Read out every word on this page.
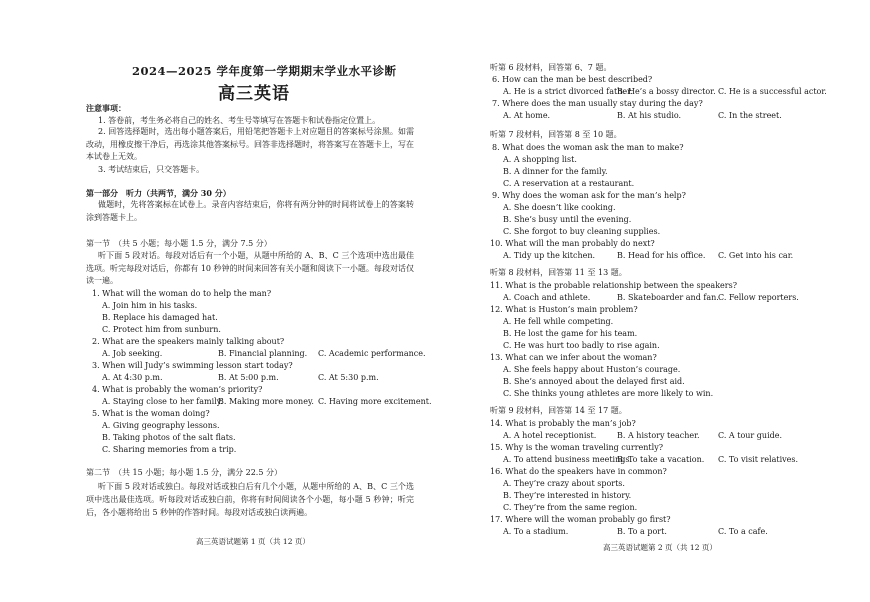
2024—2025 学年度第一学期期末学业水平诊断
高三英语
注意事项：
1. 答卷前，考生务必将自己的姓名、考生号等填写在答题卡和试卷指定位置上。
2. 回答选择题时，选出每小题答案后，用铅笔把答题卡上对应题目的答案标号涂黑。如需改动，用橡皮擦干净后，再选涂其他答案标号。回答非选择题时，将答案写在答题卡上，写在本试卷上无效。
3. 考试结束后，只交答题卡。
第一部分　听力（共两节，满分 30 分）
做题时，先将答案标在试卷上。录音内容结束后，你将有两分钟的时间将试卷上的答案转涂到答题卡上。
第一节　（共 5 小题；每小题 1.5 分，满分 7.5 分）
听下面 5 段对话。每段对话后有一个小题，从题中所给的 A、B、C 三个选项中选出最佳选项。听完每段对话后，你都有 10 秒钟的时间来回答有关小题和阅读下一小题。每段对话仅读一遍。
1. What will the woman do to help the man?
A. Join him in his tasks.
B. Replace his damaged hat.
C. Protect him from sunburn.
2. What are the speakers mainly talking about?
A. Job seeking.	B. Financial planning. C. Academic performance.
3. When will Judy’s swimming lesson start today?
A. At 4:30 p.m.	B. At 5:00 p.m.	C. At 5:30 p.m.
4. What is probably the woman’s priority?
A. Staying close to her family.
B. Making more money. C. Having more excitement.
5. What is the woman doing?
A. Giving geography lessons.
B. Taking photos of the salt flats.
C. Sharing memories from a trip.
第二节　（共 15 小题；每小题 1.5 分，满分 22.5 分）
听下面 5 段对话或独白。每段对话或独白后有几个小题，从题中所给的 A、B、C 三个选项中选出最佳选项。听每段对话或独白前，你将有时间阅读各个小题，每小题 5 秒钟；听完后，各小题将给出 5 秒钟的作答时间。每段对话或独白读两遍。
高三英语试题第 1 页（共 12 页）
听第 6 段材料，回答第 6、7 题。
6. How can the man be best described?
A. He is a strict divorced father.
B. He’s a bossy director. C. He is a successful actor.
7. Where does the man usually stay during the day?
A. At home.	B. At his studio.	C. In the street.
听第 7 段材料，回答第 8 至 10 题。
8. What does the woman ask the man to make?
A. A shopping list.
B. A dinner for the family.
C. A reservation at a restaurant.
9. Why does the woman ask for the man’s help?
A. She doesn’t like cooking.
B. She’s busy until the evening.
C. She forgot to buy cleaning supplies.
10. What will the man probably do next?
A. Tidy up the kitchen.	B. Head for his office. C. Get into his car.
听第 8 段材料，回答第 11 至 13 题。
11. What is the probable relationship between the speakers?
A. Coach and athlete.	B. Skateboarder and fan. C. Fellow reporters.
12. What is Huston’s main problem?
A. He fell while competing.
B. He lost the game for his team.
C. He was hurt too badly to rise again.
13. What can we infer about the woman?
A. She feels happy about Huston’s courage.
B. She’s annoyed about the delayed first aid.
C. She thinks young athletes are more likely to win.
听第 9 段材料，回答第 14 至 17 题。
14. What is probably the man’s job?
A. A hotel receptionist.	B. A history teacher. C. A tour guide.
15. Why is the woman traveling currently?
A. To attend business meetings.
B. To take a vacation. C. To visit relatives.
16. What do the speakers have in common?
A. They’re crazy about sports.
B. They’re interested in history.
C. They’re from the same region.
17. Where will the woman probably go first?
A. To a stadium.	B. To a port.	C. To a cafe.
高三英语试题第 2 页（共 12 页）
